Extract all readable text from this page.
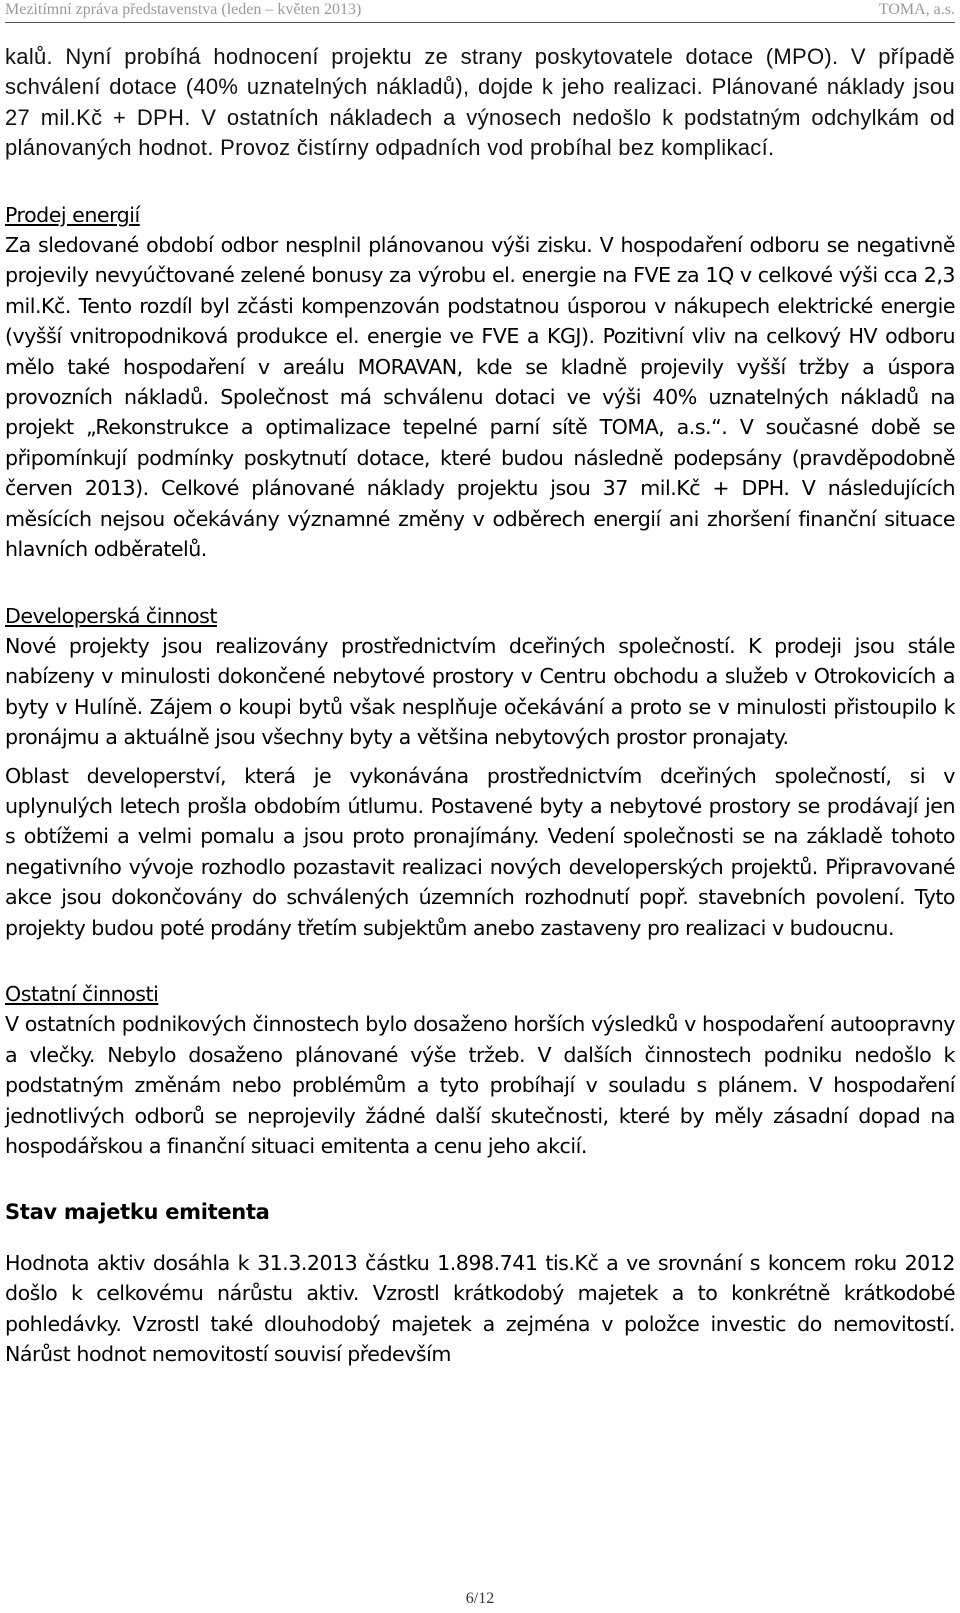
Mezitímní zpráva představenstva (leden – květen 2013)	TOMA, a.s.

kalů. Nyní probíhá hodnocení projektu ze strany poskytovatele dotace (MPO). V případě schválení dotace (40% uznatelných nákladů), dojde k jeho realizaci. Plánované náklady jsou 27 mil.Kč + DPH. V ostatních nákladech a výnosech nedošlo k podstatným odchylkám od plánovaných hodnot. Provoz čistírny odpadních vod probíhal bez komplikací.

Prodej energií

Za sledované období odbor nesplnil plánovanou výši zisku. V hospodaření odboru se negativně projevily nevyúčtované zelené bonusy za výrobu el. energie na FVE za 1Q v celkové výši cca 2,3 mil.Kč. Tento rozdíl byl zčásti kompenzován podstatnou úsporou v nákupech elektrické energie (vyšší vnitropodniková produkce el. energie ve FVE a KGJ). Pozitivní vliv na celkový HV odboru mělo také hospodaření v areálu MORAVAN, kde se kladně projevily vyšší tržby a úspora provozních nákladů. Společnost má schválenu dotaci ve výši 40% uznatelných nákladů na projekt „Rekonstrukce a optimalizace tepelné parní sítě TOMA, a.s.“. V současné době se připomínkují podmínky poskytnutí dotace, které budou následně podepsány (pravděpodobně červen 2013). Celkové plánované náklady projektu jsou 37 mil.Kč + DPH. V následujících měsících nejsou očekávány významné změny v odběrech energií ani zhoršení finanční situace hlavních odběratelů.

Developerská činnost

Nové projekty jsou realizovány prostřednictvím dceřiných společností. K prodeji jsou stále nabízeny v minulosti dokončené nebytové prostory v Centru obchodu a služeb v Otrokovicích a byty v Hulíně. Zájem o koupi bytů však nesplňuje očekávání a proto se v minulosti přistoupilo k pronájmu a aktuálně jsou všechny byty a většina nebytových prostor pronajaty.

Oblast developerství, která je vykonávána prostřednictvím dceřiných společností, si v uplynulých letech prošla obdobím útlumu. Postavené byty a nebytové prostory se prodávají jen s obtížemi a velmi pomalu a jsou proto pronajímány. Vedení společnosti se na základě tohoto negativního vývoje rozhodlo pozastavit realizaci nových developerských projektů. Připravované akce jsou dokončovány do schválených územních rozhodnutí popř. stavebních povolení. Tyto projekty budou poté prodány třetím subjektům anebo zastaveny pro realizaci v budoucnu.

Ostatní činnosti

V ostatních podnikových činnostech bylo dosaženo horších výsledků v hospodaření autoopravny a vlečky. Nebylo dosaženo plánované výše tržeb. V dalších činnostech podniku nedošlo k podstatným změnám nebo problémům a tyto probíhají v souladu s plánem. V hospodaření jednotlivých odborů se neprojevily žádné další skutečnosti, které by měly zásadní dopad na hospodářskou a finanční situaci emitenta a cenu jeho akcií.

Stav majetku emitenta

Hodnota aktiv dosáhla k 31.3.2013 částku 1.898.741 tis.Kč a ve srovnání s koncem roku 2012 došlo k celkovému nárůstu aktiv. Vzrostl krátkodobý majetek a to konkrétně krátkodobé pohledávky. Vzrostl také dlouhodobý majetek a zejména v položce investic do nemovitostí. Nárůst hodnot nemovitostí souvisí především

6/12
